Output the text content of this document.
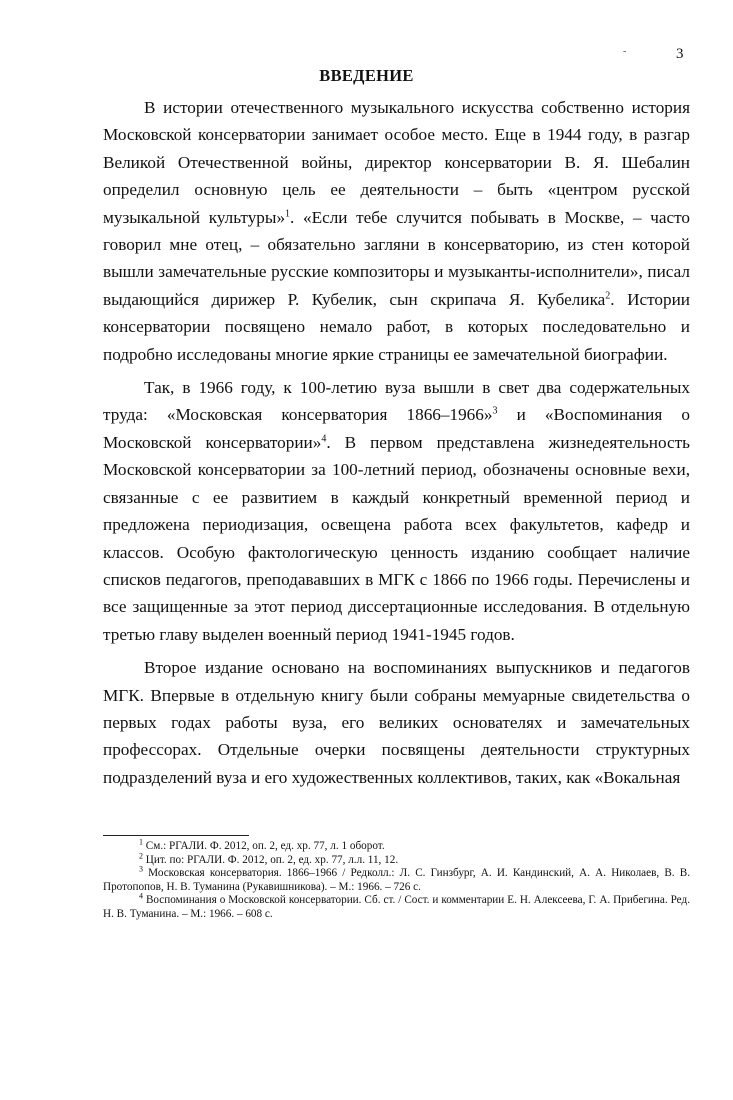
-	3
ВВЕДЕНИЕ

В истории отечественного музыкального искусства собственно история Московской консерватории занимает особое место. Еще в 1944 году, в разгар Великой Отечественной войны, директор консерватории В. Я. Шебалин определил основную цель ее деятельности – быть «центром русской музыкальной культуры»$^1$. «Если тебе случится побывать в Москве, – часто говорил мне отец, – обязательно загляни в консерваторию, из стен которой вышли замечательные русские композиторы и музыканты-исполнители», писал выдающийся дирижер Р. Кубелик, сын скрипача Я. Кубелика$^2$. Истории консерватории посвящено немало работ, в которых последовательно и подробно исследованы многие яркие страницы ее замечательной биографии.

Так, в 1966 году, к 100-летию вуза вышли в свет два содержательных труда: «Московская консерватория 1866–1966»$^3$ и «Воспоминания о Московской консерватории»$^4$. В первом представлена жизнедеятельность Московской консерватории за 100-летний период, обозначены основные вехи, связанные с ее развитием в каждый конкретный временной период и предложена периодизация, освещена работа всех факультетов, кафедр и классов. Особую фактологическую ценность изданию сообщает наличие списков педагогов, преподававших в МГК с 1866 по 1966 годы. Перечислены и все защищенные за этот период диссертационные исследования. В отдельную третью главу выделен военный период 1941-1945 годов.

Второе издание основано на воспоминаниях выпускников и педагогов МГК. Впервые в отдельную книгу были собраны мемуарные свидетельства о первых годах работы вуза, его великих основателях и замечательных профессорах. Отдельные очерки посвящены деятельности структурных подразделений вуза и его художественных коллективов, таких, как «Вокальная

$^1$ См.: РГАЛИ. Ф. 2012, оп. 2, ед. хр. 77, л. 1 оборот.

$^2$ Цит. по: РГАЛИ. Ф. 2012, оп. 2, ед. хр. 77, л.л. 11, 12.

$^3$ Московская консерватория. 1866–1966 / Редколл.: Л. С. Гинзбург, А. И. Кандинский, А. А. Николаев, В. В. Протопопов, Н. В. Туманина (Рукавишникова). – М.: 1966. – 726 с.

$^4$ Воспоминания о Московской консерватории. Сб. ст. / Сост. и комментарии Е. Н. Алексеева, Г. А. Прибегина. Ред. Н. В. Туманина. – М.: 1966. – 608 с.
